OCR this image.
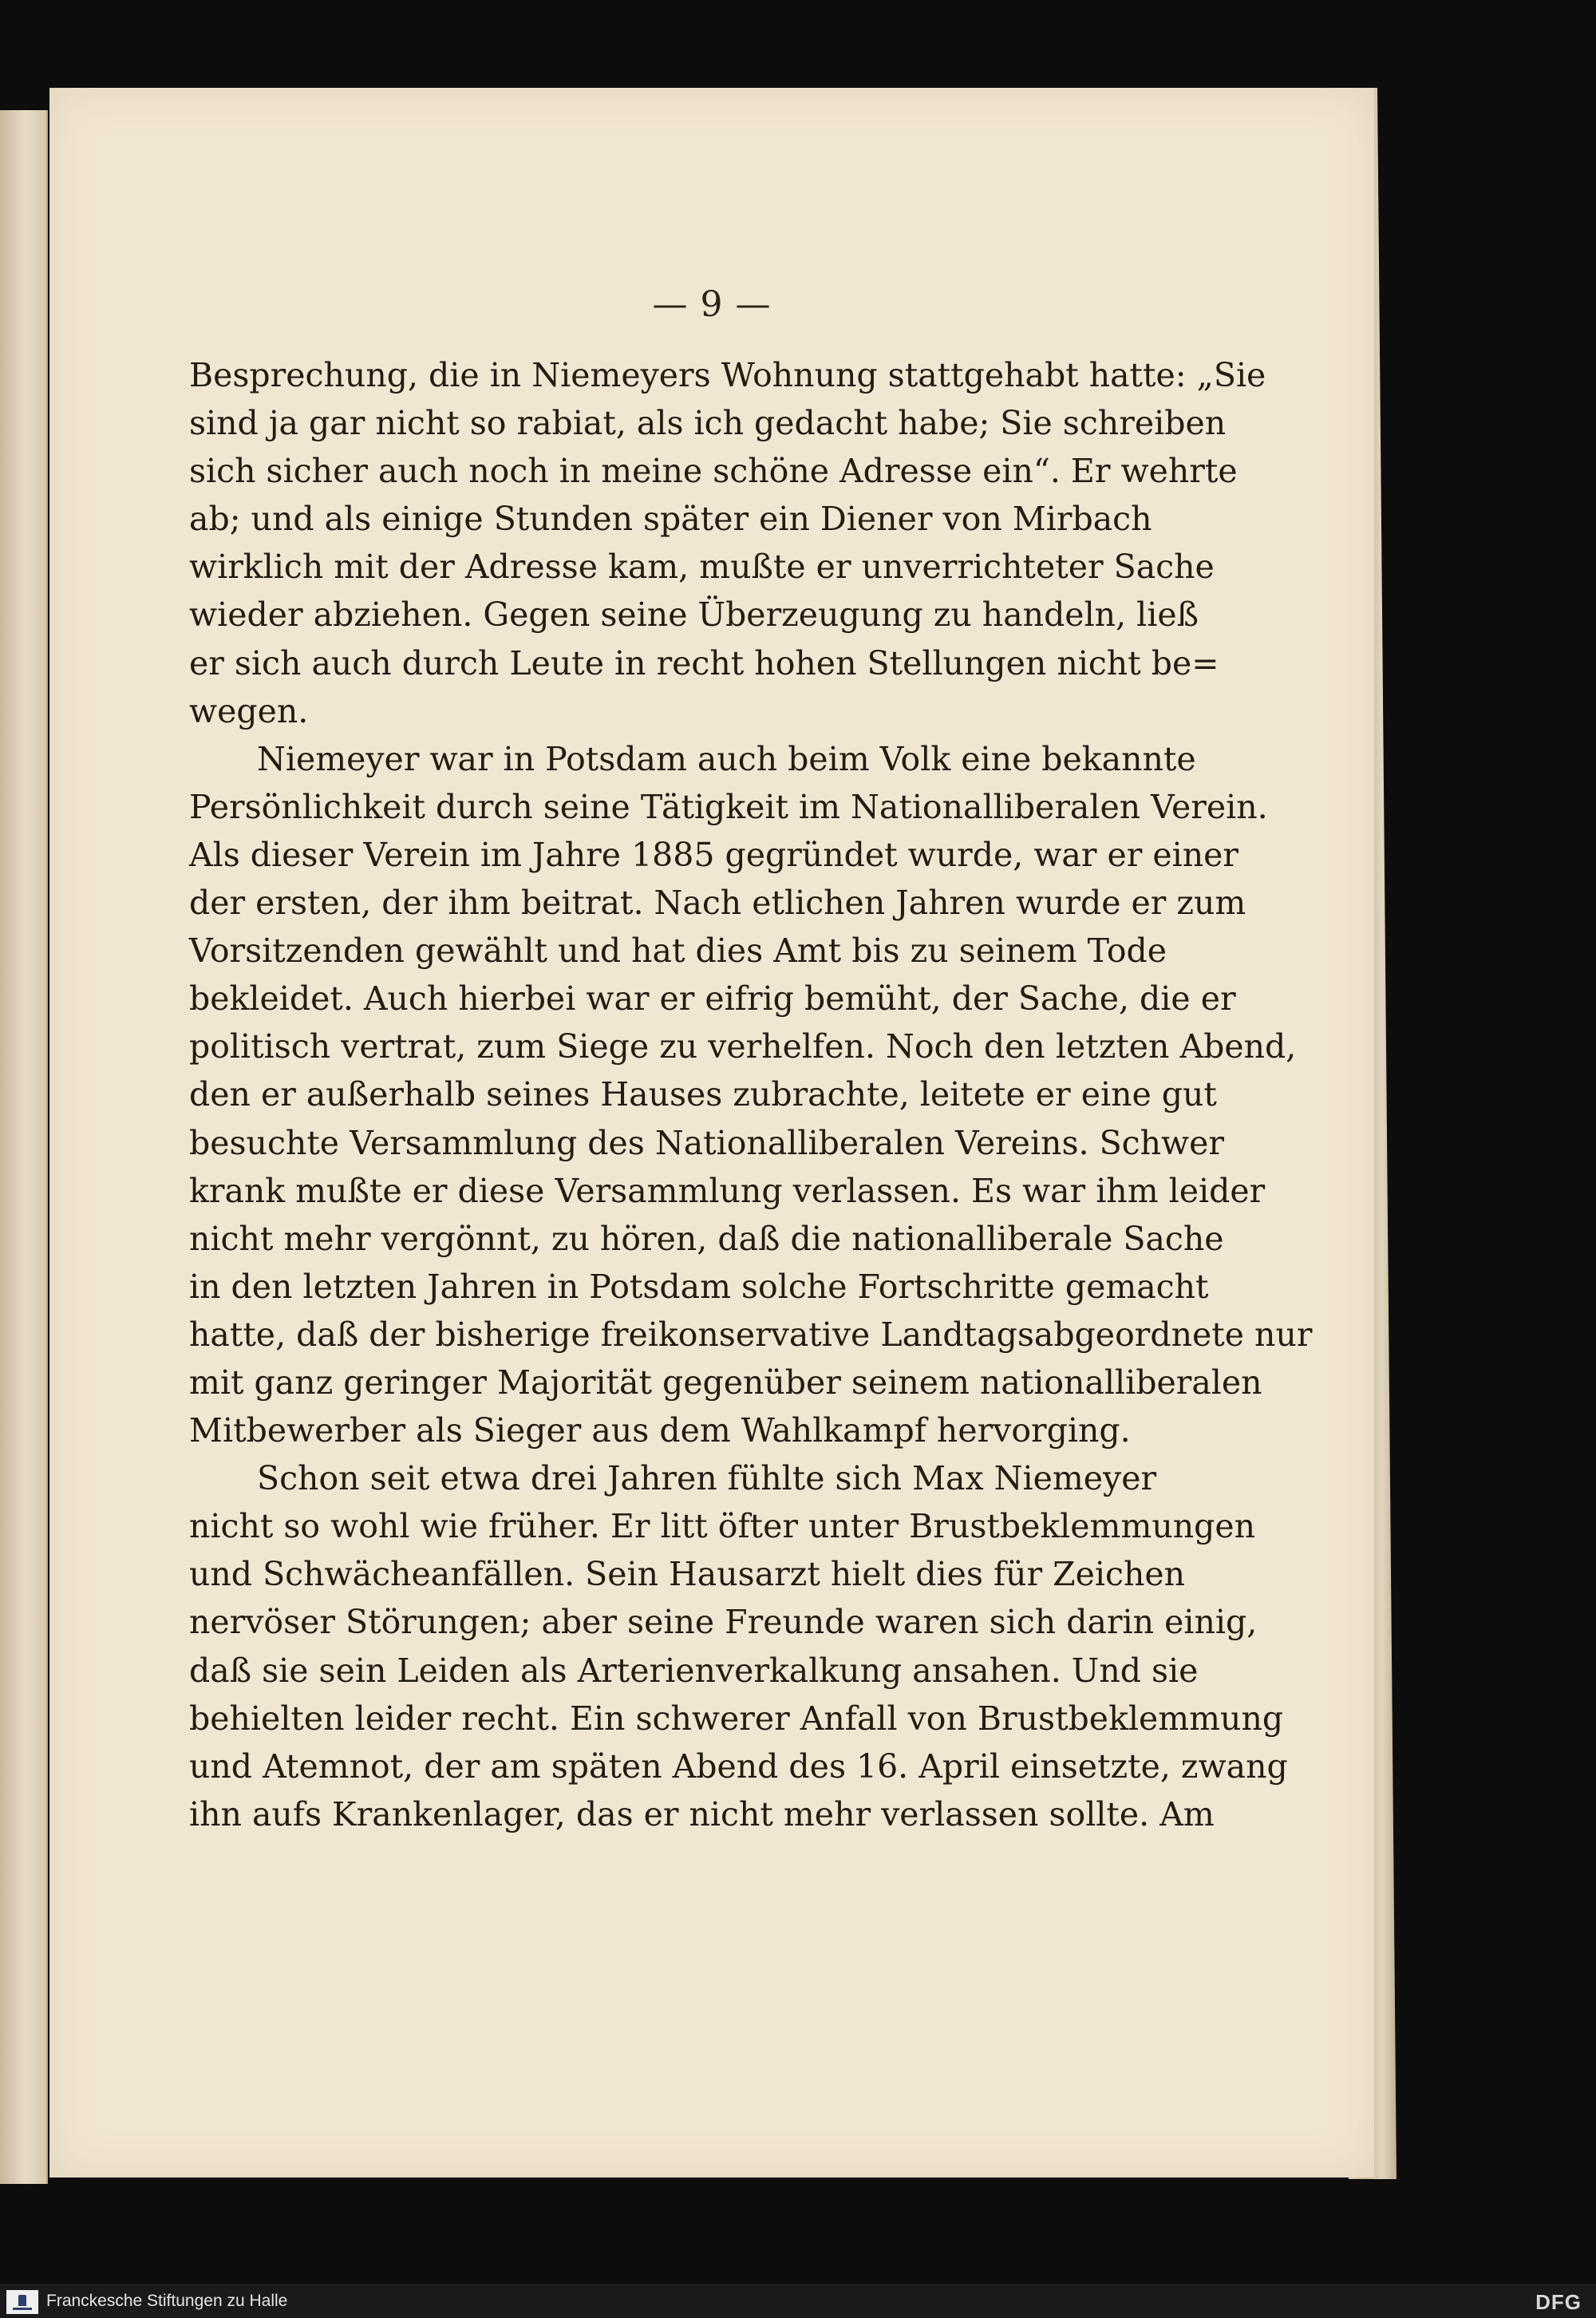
— 9 —
Besprechung, die in Niemeyers Wohnung stattgehabt hatte: „Sie
sind ja gar nicht so rabiat, als ich gedacht habe; Sie schreiben
sich sicher auch noch in meine schöne Adresse ein“. Er wehrte
ab; und als einige Stunden später ein Diener von Mirbach
wirklich mit der Adresse kam, mußte er unverrichteter Sache
wieder abziehen. Gegen seine Überzeugung zu handeln, ließ
er sich auch durch Leute in recht hohen Stellungen nicht be=
wegen.
Niemeyer war in Potsdam auch beim Volk eine bekannte
Persönlichkeit durch seine Tätigkeit im Nationalliberalen Verein.
Als dieser Verein im Jahre 1885 gegründet wurde, war er einer
der ersten, der ihm beitrat. Nach etlichen Jahren wurde er zum
Vorsitzenden gewählt und hat dies Amt bis zu seinem Tode
bekleidet. Auch hierbei war er eifrig bemüht, der Sache, die er
politisch vertrat, zum Siege zu verhelfen. Noch den letzten Abend,
den er außerhalb seines Hauses zubrachte, leitete er eine gut
besuchte Versammlung des Nationalliberalen Vereins. Schwer
krank mußte er diese Versammlung verlassen. Es war ihm leider
nicht mehr vergönnt, zu hören, daß die nationalliberale Sache
in den letzten Jahren in Potsdam solche Fortschritte gemacht
hatte, daß der bisherige freikonservative Landtagsabgeordnete nur
mit ganz geringer Majorität gegenüber seinem nationalliberalen
Mitbewerber als Sieger aus dem Wahlkampf hervorging.
Schon seit etwa drei Jahren fühlte sich Max Niemeyer
nicht so wohl wie früher. Er litt öfter unter Brustbeklemmungen
und Schwächeanfällen. Sein Hausarzt hielt dies für Zeichen
nervöser Störungen; aber seine Freunde waren sich darin einig,
daß sie sein Leiden als Arterienverkalkung ansahen. Und sie
behielten leider recht. Ein schwerer Anfall von Brustbeklemmung
und Atemnot, der am späten Abend des 16. April einsetzte, zwang
ihn aufs Krankenlager, das er nicht mehr verlassen sollte. Am
Franckesche Stiftungen zu Halle	DFG
